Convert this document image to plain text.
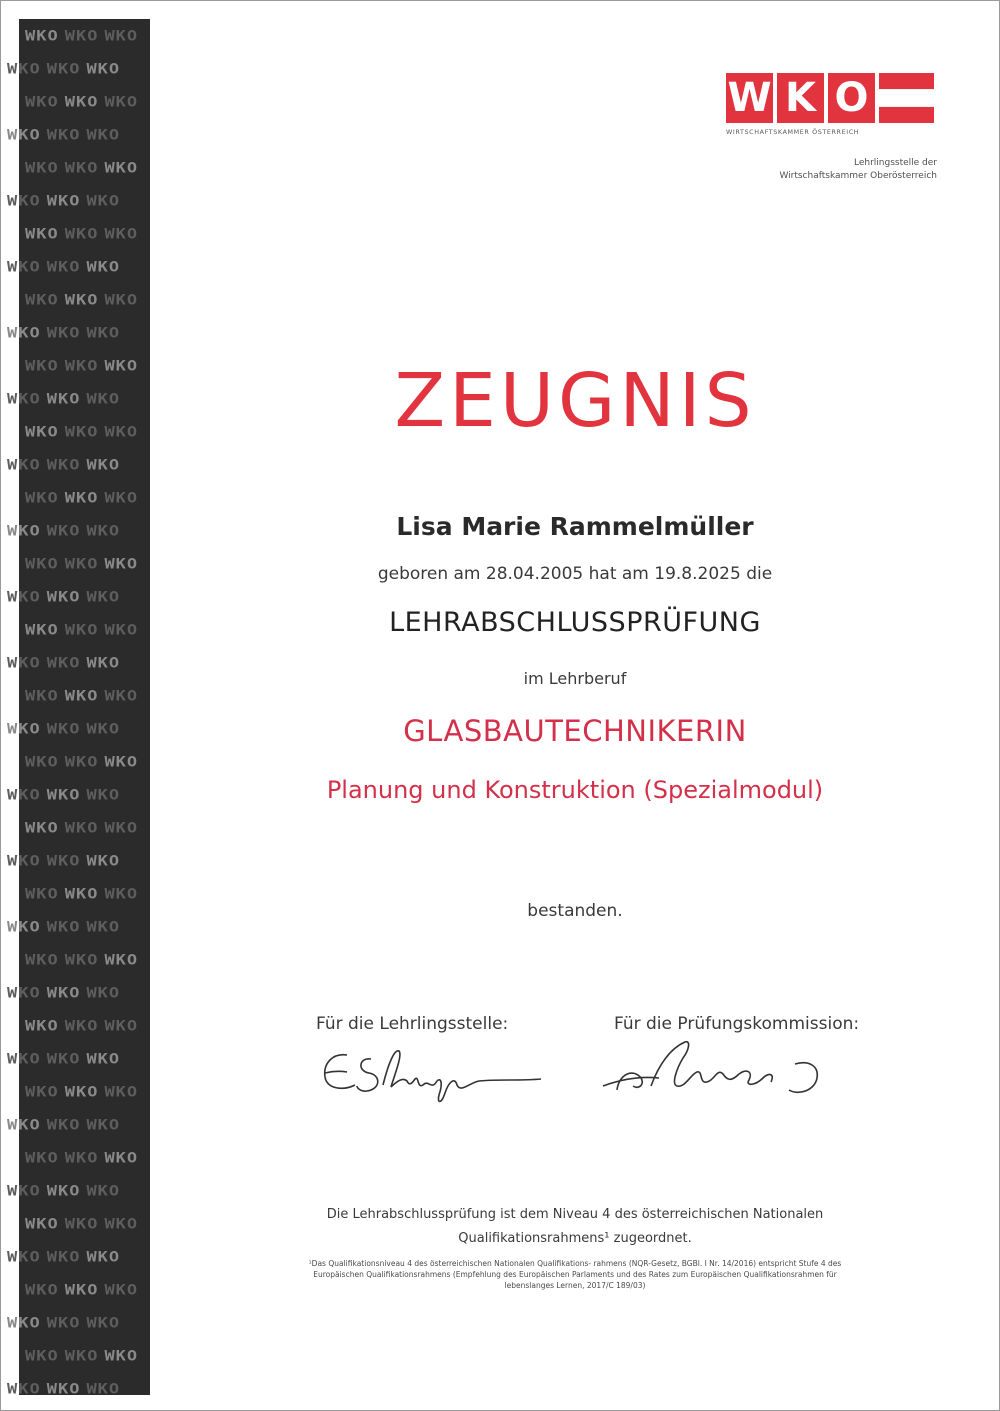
WKO WKO WKO
WKO WKO WKO
WKO WKO WKO
WKO WKO WKO
WKO WKO WKO
WKO WKO WKO
WKO WKO WKO
WKO WKO WKO
WKO WKO WKO
WKO WKO WKO
WKO WKO WKO
WKO WKO WKO
WKO WKO WKO
WKO WKO WKO
WKO WKO WKO
WKO WKO WKO
WKO WKO WKO
WKO WKO WKO
WKO WKO WKO
WKO WKO WKO
WKO WKO WKO
WKO WKO WKO
WKO WKO WKO
WKO WKO WKO
WKO WKO WKO
WKO WKO WKO
WKO WKO WKO
WKO WKO WKO
WKO WKO WKO
WKO WKO WKO
WKO WKO WKO
WKO WKO WKO
WKO WKO WKO
WKO WKO WKO
WKO WKO WKO
WKO WKO WKO
WKO WKO WKO
WKO WKO WKO
WKO WKO WKO
WKO WKO WKO
WKO WKO WKO
WKO WKO WKO
W K O
WIRTSCHAFTSKAMMER ÖSTERREICH
Lehrlingsstelle der
Wirtschaftskammer Oberösterreich
ZEUGNIS
Lisa Marie Rammelmüller
geboren am 28.04.2005 hat am 19.8.2025 die
LEHRABSCHLUSSPRÜFUNG
im Lehrberuf
GLASBAUTECHNIKERIN
Planung und Konstruktion (Spezialmodul)
bestanden.
Für die Lehrlingsstelle:	Für die Prüfungskommission:
Die Lehrabschlussprüfung ist dem Niveau 4 des österreichischen Nationalen
Qualifikationsrahmens¹ zugeordnet.
¹Das Qualifikationsniveau 4 des österreichischen Nationalen Qualifikations- rahmens (NQR-Gesetz, BGBl. I Nr. 14/2016) entspricht Stufe 4 des Europäischen Qualifikationsrahmens (Empfehlung des Europäischen Parlaments und des Rates zum Europäischen Qualifikationsrahmen für lebenslanges Lernen, 2017/C 189/03)
